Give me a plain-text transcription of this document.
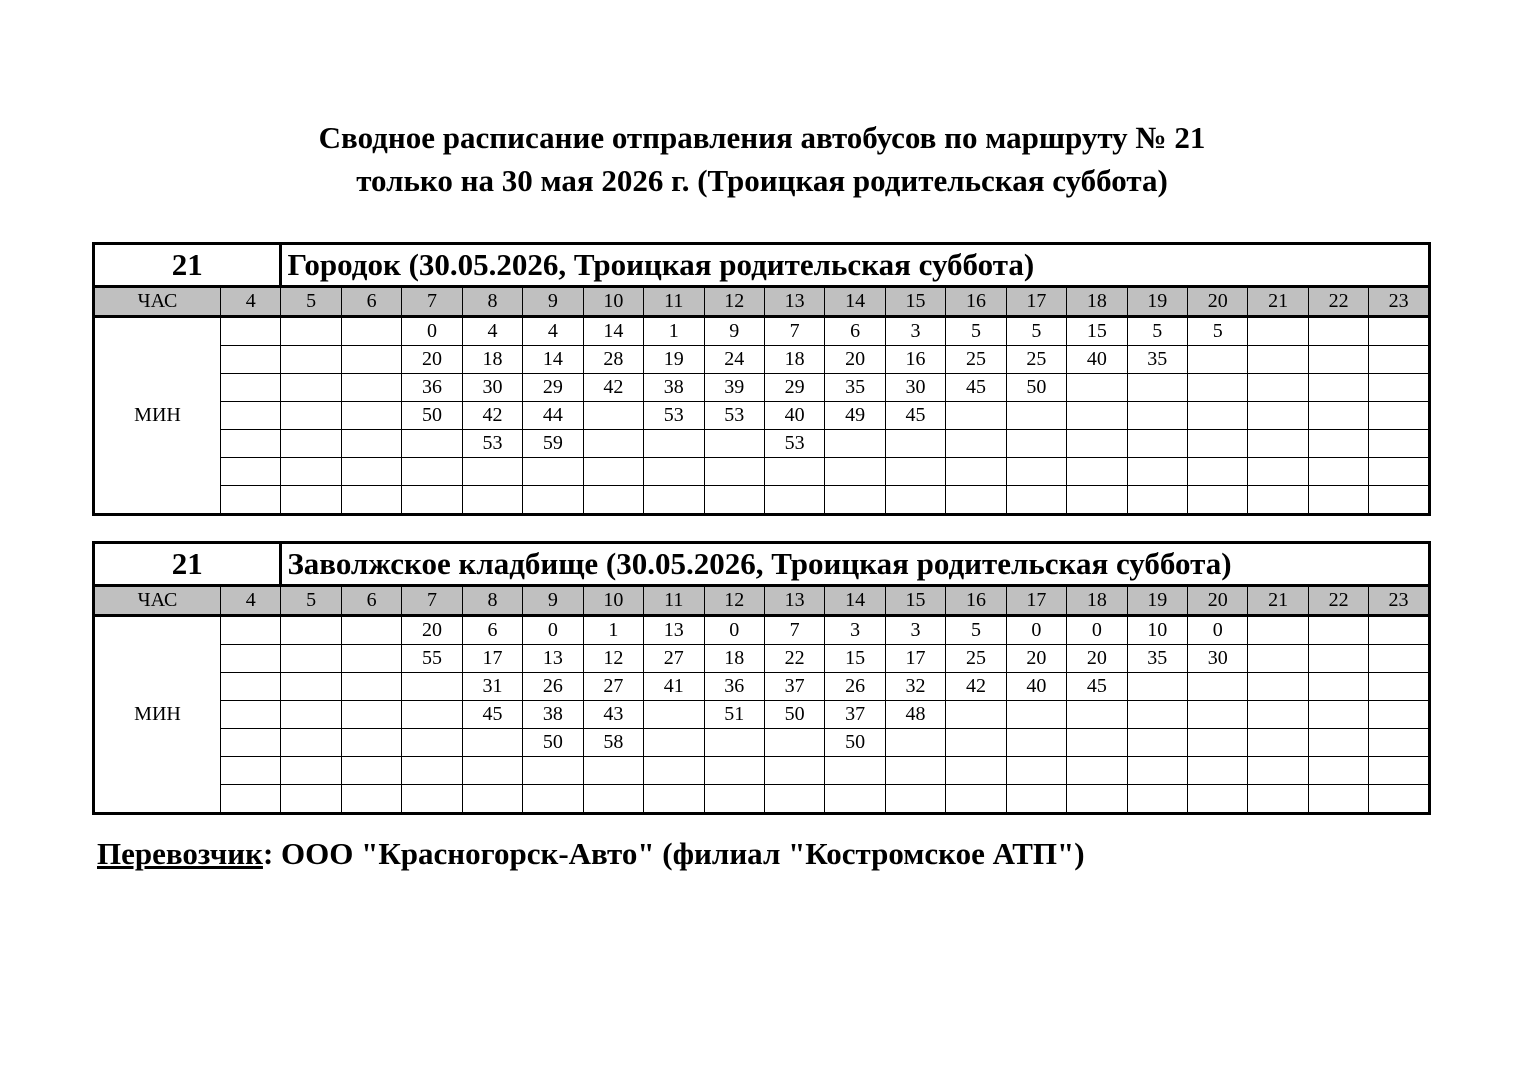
Сводное расписание отправления автобусов по маршруту № 21
только на 30 мая 2026 г. (Троицкая родительская суббота)
21		Городок (30.05.2026, Троицкая родительская суббота)																		
ЧАС	4	5	6	7	8	9	10	11	12	13	14	15	16	17	18	19	20	21	22	23
МИН				0	4	4	14	1	9	7	6	3	5	5	15	5	5			
				20	18	14	28	19	24	18	20	16	25	25	40	35				
				36	30	29	42	38	39	29	35	30	45	50						
				50	42	44		53	53	40	49	45								
					53	59				53										

21		Заволжское кладбище (30.05.2026, Троицкая родительская суббота)																		
ЧАС	4	5	6	7	8	9	10	11	12	13	14	15	16	17	18	19	20	21	22	23
МИН				20	6	0	1	13	0	7	3	3	5	0	0	10	0			
				55	17	13	12	27	18	22	15	17	25	20	20	35	30			
					31	26	27	41	36	37	26	32	42	40	45					
					45	38	43		51	50	37	48								
						50	58				50									

Перевозчик: ООО "Красногорск-Авто" (филиал "Костромское АТП")
